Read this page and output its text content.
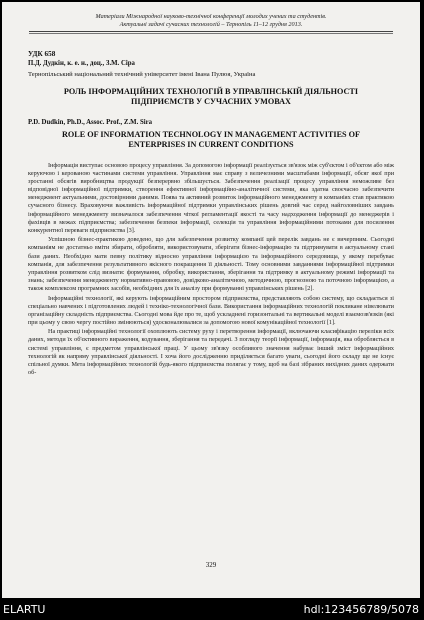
Матеріали Міжнародної науково-технічної конференції молодих учених та студентів.
Актуальні задачі сучасних технологій – Тернопіль 11–12 грудня 2013.
УДК 658
П.Д. Дудкін, к. е. н., доц., З.М. Сіра
Тернопільський національний технічний університет імені Івана Пулюя, Україна
РОЛЬ ІНФОРМАЦІЙНИХ ТЕХНОЛОГІЙ В УПРАВЛІНСЬКІЙ ДІЯЛЬНОСТІ ПІДПРИЄМСТВ У СУЧАСНИХ УМОВАХ
P.D. Dudkin, Ph.D., Assoc. Prof., Z.M. Sira
ROLE OF INFORMATION TECHNOLOGY IN MANAGEMENT ACTIVITIES OF ENTERPRISES IN CURRENT CONDITIONS

Інформація виступає основою процесу управління. За допомогою інформації реалізується зв'язок між суб'єктом і об'єктом або між керуючою і керованою частинами системи управління. Управління має справу з величезними масштабами інформації, обсяг якої при зростанні обсягів виробництва продукції безперервно збільшується. Забезпечення реалізації процесу управління неможливе без відповідної інформаційної підтримки, створення ефективної інформаційно-аналітичної системи, яка здатна своєчасно забезпечити менеджмент актуальними, достовірними даними. Поява та активний розвиток інформаційного менеджменту в компаніях став практикою сучасного бізнесу. Враховуючи важливість інформаційної підтримки управлінських рішень довгий час серед найголовніших завдань інформаційного менеджменту визначалося забезпечення чіткої регламентації якості та часу надходження інформації до менеджерів і фахівців в межах підприємства; забезпечення безпеки інформації, селекція та управління інформаційними потоками для посилення конкурентної переваги підприємства [3].

Успішною бізнес-практикою доведено, що для забезпечення розвитку компанії цей перелік завдань не є вичерпним. Сьогодні компаніям не достатньо вміти збирати, обробляти, використовувати, зберігати бізнес-інформацію та підтримувати в актуальному стані бази даних. Необхідно мати певну політику відносно управління інформацією та інформаційного середовища, у якому перебуває компанія, для забезпечення результативного якісного покращення її діяльності. Тому основними завданнями інформаційної підтримки управління розвитком слід визнати: формування, обробку, використання, зберігання та підтримку в актуальному режимі інформації та знань; забезпечення менеджменту нормативно-правовою, довідково-аналітичною, методичною, прогнозною та поточною інформацією, а також комплексом програмних засобів, необхідних для їх аналізу при формуванні управлінських рішень [2].

Інформаційні технології, які керують інформаційним простором підприємства, представляють собою систему, що складається зі спеціально навчених і підготовлених людей і техніко-технологічної бази. Використання інформаційних технологій покликане нівелювати організаційну складність підприємства. Сьогодні мова йде про те, щоб ускладнені горизонтальні та вертикальні моделі взаємозв'язків (які при цьому у свою чергу постійно змінюються) удосконалювалися за допомогою нової комунікаційної технології [1].

На практиці інформаційні технології охоплюють систему руху і перетворення інформації, включаючи класифікацію переліки всіх даних, методи їх об'єктивного вираження, кодування, зберігання та передачі. З погляду теорії інформації, інформація, яка обробляється в системі управління, є предметом управлінської праці. У цьому зв'язку особливого значення набуває інший зміст інформаційних технологій як напряму управлінської діяльності. І хоча його дослідженню приділяється багато уваги, сьогодні його складу ще не існує спільної думки. Мета інформаційних технологій будь-якого підприємства полягає у тому, щоб на базі зібраних вихідних даних одержати об-

329
ELARTU	hdl:123456789/5078
